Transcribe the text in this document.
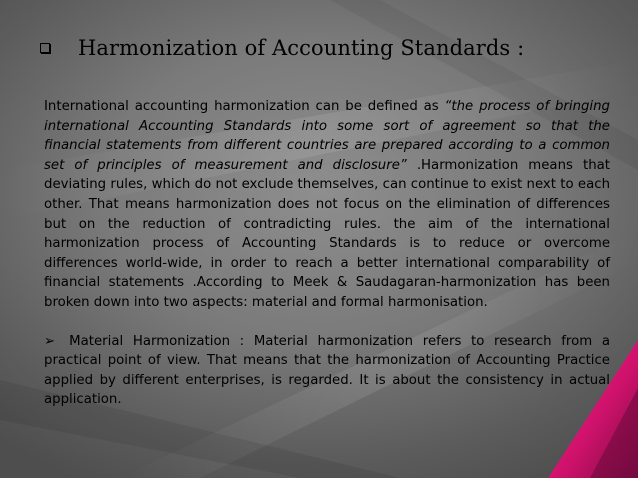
Harmonization of Accounting Standards :

International accounting harmonization can be defined as “the process of bringing international Accounting Standards into some sort of agreement so that the financial statements from different countries are prepared according to a common set of principles of measurement and disclosure” .Harmonization means that deviating rules, which do not exclude themselves, can continue to exist next to each other. That means harmonization does not focus on the elimination of differences but on the reduction of contradicting rules. the aim of the international harmonization process of Accounting Standards is to reduce or overcome differences world-wide, in order to reach a better international comparability of financial statements .According to Meek & Saudagaran-harmonization has been broken down into two aspects: material and formal harmonisation.

➢ Material Harmonization : Material harmonization refers to research from a practical point of view. That means that the harmonization of Accounting Practice applied by different enterprises, is regarded. It is about the consistency in actual application.
